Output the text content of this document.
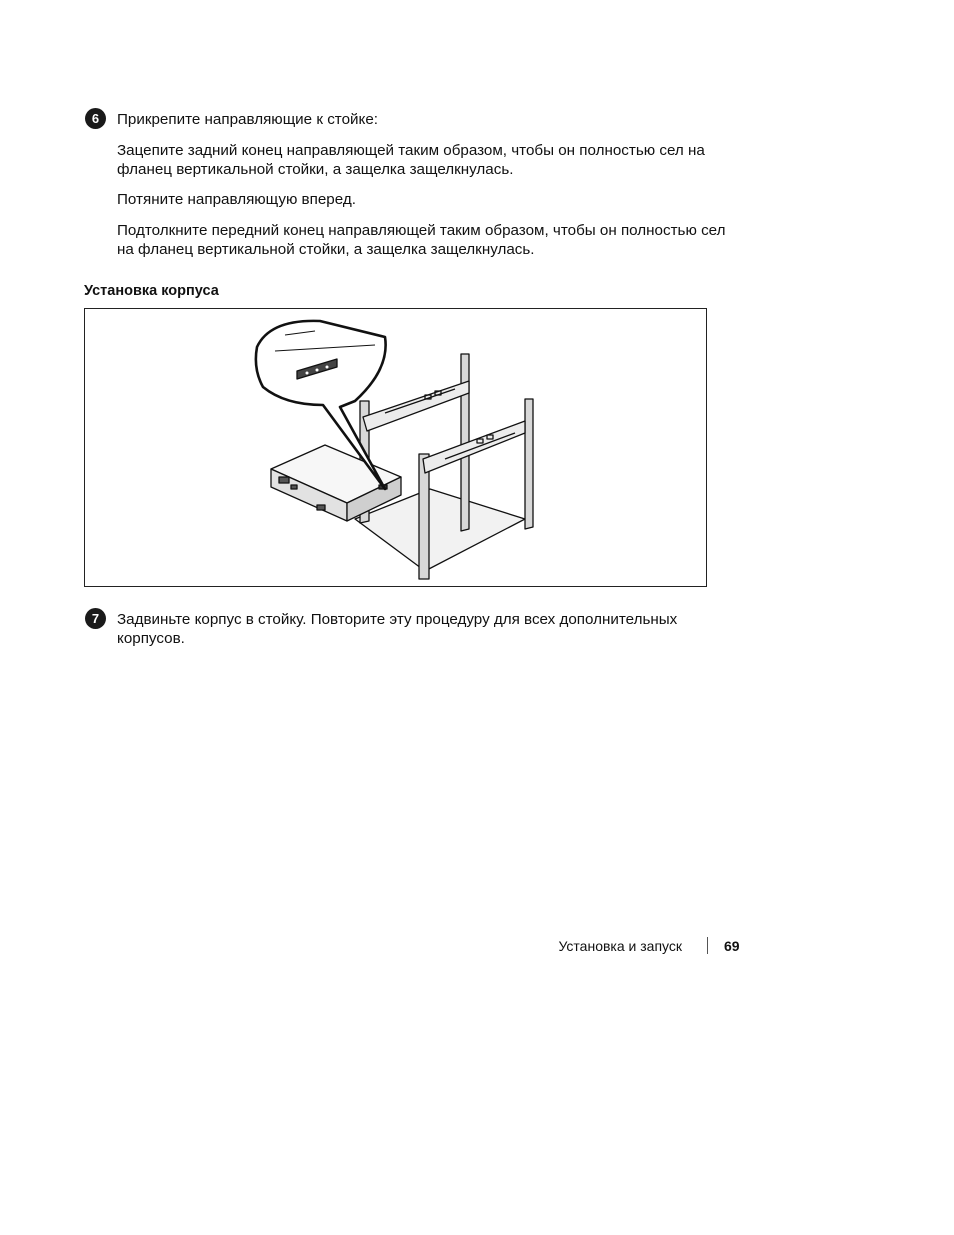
6	Прикрепите направляющие к стойке:

Зацепите задний конец направляющей таким образом, чтобы он полностью сел на фланец вертикальной стойки, а защелка защелкнулась.

Потяните направляющую вперед.

Подтолкните передний конец направляющей таким образом, чтобы он полностью сел на фланец вертикальной стойки, а защелка защелкнулась.

Установка корпуса

7	Задвиньте корпус в стойку. Повторите эту процедуру для всех дополнительных корпусов.

Установка и запуск	69
